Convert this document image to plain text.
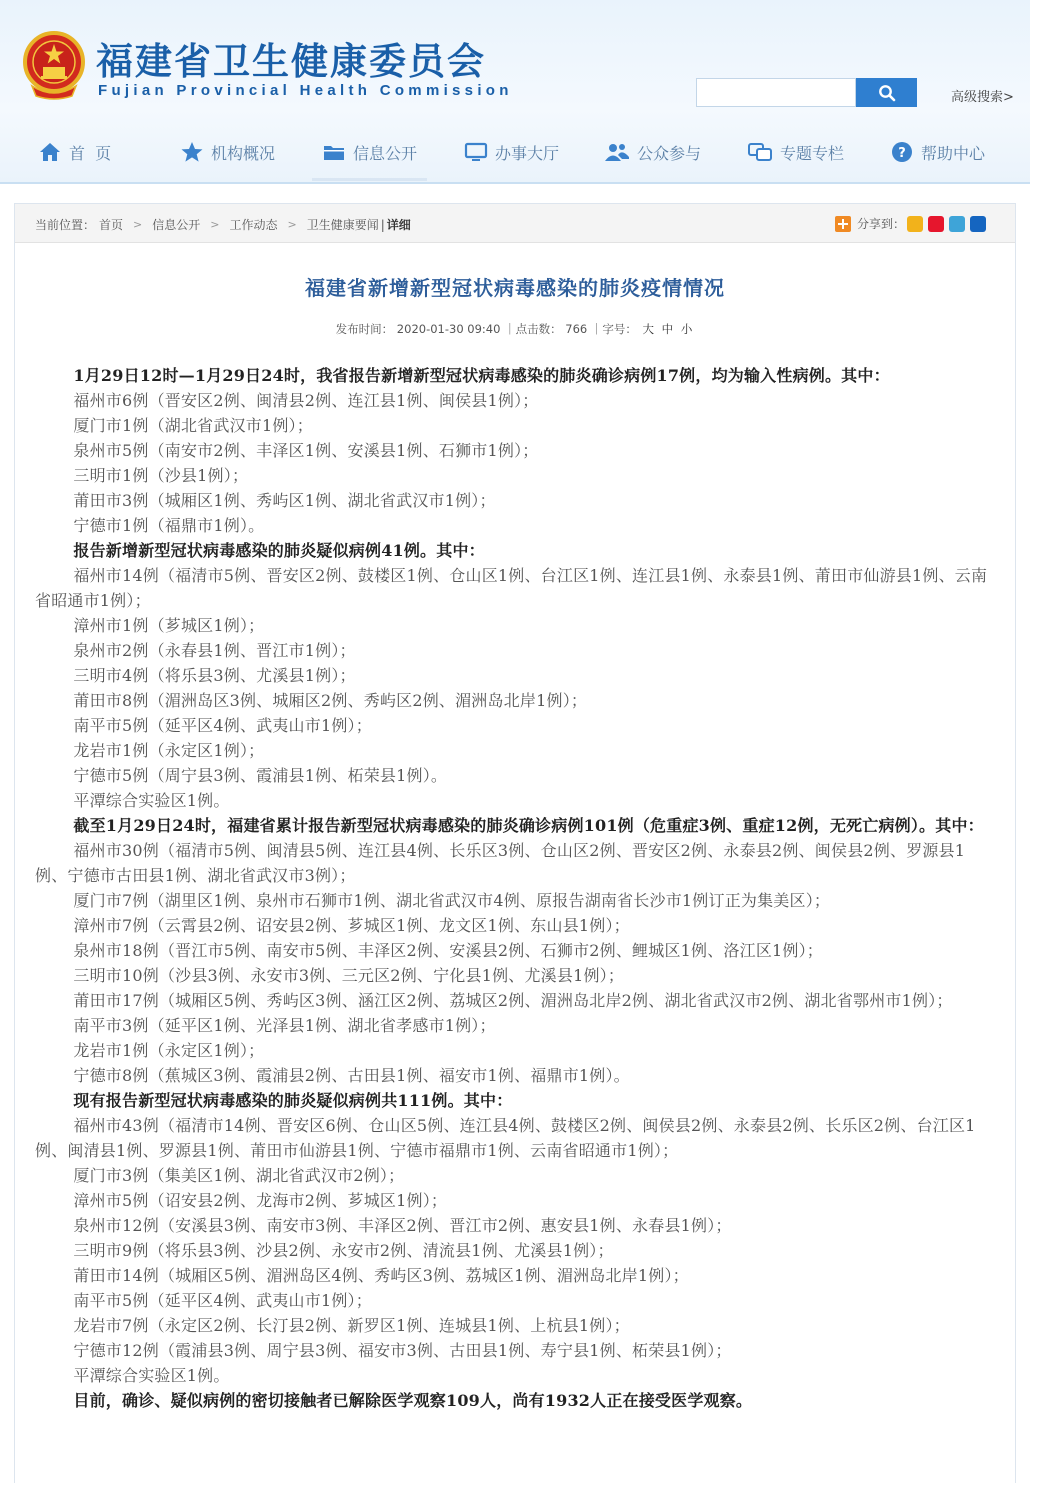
福建省卫生健康委员会
Fujian Provincial Health Commission	高级搜索>
首  页	机构概况	信息公开	办事大厅	公众参与	专题专栏	? 帮助中心
当前位置： 首页 > 信息公开 > 工作动态 > 卫生健康要闻 | 详细	分享到：
福建省新增新型冠状病毒感染的肺炎疫情情况
发布时间： 2020-01-30 09:40 ｜点击数： 766 ｜字号： 大 中 小

1月29日12时—1月29日24时，我省报告新增新型冠状病毒感染的肺炎确诊病例17例，均为输入性病例。其中：

福州市6例（晋安区2例、闽清县2例、连江县1例、闽侯县1例）；

厦门市1例（湖北省武汉市1例）；

泉州市5例（南安市2例、丰泽区1例、安溪县1例、石狮市1例）；

三明市1例（沙县1例）；

莆田市3例（城厢区1例、秀屿区1例、湖北省武汉市1例）；

宁德市1例（福鼎市1例）。

报告新增新型冠状病毒感染的肺炎疑似病例41例。其中：

福州市14例（福清市5例、晋安区2例、鼓楼区1例、仓山区1例、台江区1例、连江县1例、永泰县1例、莆田市仙游县1例、云南省昭通市1例）；

漳州市1例（芗城区1例）；

泉州市2例（永春县1例、晋江市1例）；

三明市4例（将乐县3例、尤溪县1例）；

莆田市8例（湄洲岛区3例、城厢区2例、秀屿区2例、湄洲岛北岸1例）；

南平市5例（延平区4例、武夷山市1例）；

龙岩市1例（永定区1例）；

宁德市5例（周宁县3例、霞浦县1例、柘荣县1例）。

平潭综合实验区1例。

截至1月29日24时，福建省累计报告新型冠状病毒感染的肺炎确诊病例101例（危重症3例、重症12例，无死亡病例）。其中：

福州市30例（福清市5例、闽清县5例、连江县4例、长乐区3例、仓山区2例、晋安区2例、永泰县2例、闽侯县2例、罗源县1例、宁德市古田县1例、湖北省武汉市3例）；

厦门市7例（湖里区1例、泉州市石狮市1例、湖北省武汉市4例、原报告湖南省长沙市1例订正为集美区）；

漳州市7例（云霄县2例、诏安县2例、芗城区1例、龙文区1例、东山县1例）；

泉州市18例（晋江市5例、南安市5例、丰泽区2例、安溪县2例、石狮市2例、鲤城区1例、洛江区1例）；

三明市10例（沙县3例、永安市3例、三元区2例、宁化县1例、尤溪县1例）；

莆田市17例（城厢区5例、秀屿区3例、涵江区2例、荔城区2例、湄洲岛北岸2例、湖北省武汉市2例、湖北省鄂州市1例）；

南平市3例（延平区1例、光泽县1例、湖北省孝感市1例）；

龙岩市1例（永定区1例）；

宁德市8例（蕉城区3例、霞浦县2例、古田县1例、福安市1例、福鼎市1例）。

现有报告新型冠状病毒感染的肺炎疑似病例共111例。其中：

福州市43例（福清市14例、晋安区6例、仓山区5例、连江县4例、鼓楼区2例、闽侯县2例、永泰县2例、长乐区2例、台江区1例、闽清县1例、罗源县1例、莆田市仙游县1例、宁德市福鼎市1例、云南省昭通市1例）；

厦门市3例（集美区1例、湖北省武汉市2例）；

漳州市5例（诏安县2例、龙海市2例、芗城区1例）；

泉州市12例（安溪县3例、南安市3例、丰泽区2例、晋江市2例、惠安县1例、永春县1例）；

三明市9例（将乐县3例、沙县2例、永安市2例、清流县1例、尤溪县1例）；

莆田市14例（城厢区5例、湄洲岛区4例、秀屿区3例、荔城区1例、湄洲岛北岸1例）；

南平市5例（延平区4例、武夷山市1例）；

龙岩市7例（永定区2例、长汀县2例、新罗区1例、连城县1例、上杭县1例）；

宁德市12例（霞浦县3例、周宁县3例、福安市3例、古田县1例、寿宁县1例、柘荣县1例）；

平潭综合实验区1例。

目前，确诊、疑似病例的密切接触者已解除医学观察109人，尚有1932人正在接受医学观察。
